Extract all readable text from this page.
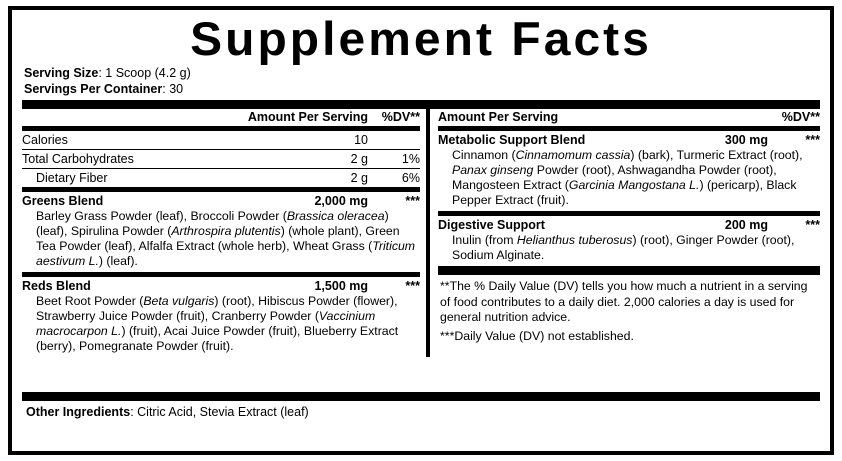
Supplement Facts
Serving Size: 1 Scoop (4.2 g)
Servings Per Container: 30
Amount Per Serving	%DV**
Calories	10
Total Carbohydrates	2 g	1%
Dietary Fiber	2 g	6%
Greens Blend	2,000 mg	***
Barley Grass Powder (leaf), Broccoli Powder (Brassica oleracea) (leaf), Spirulina Powder (Arthrospira plutentis) (whole plant), Green Tea Powder (leaf), Alfalfa Extract (whole herb), Wheat Grass (Triticum aestivum L.) (leaf).
Reds Blend	1,500 mg	***
Beet Root Powder (Beta vulgaris) (root), Hibiscus Powder (flower), Strawberry Juice Powder (fruit), Cranberry Powder (Vaccinium macrocarpon L.) (fruit), Acai Juice Powder (fruit), Blueberry Extract (berry), Pomegranate Powder (fruit).
Amount Per Serving	%DV**
Metabolic Support Blend	300 mg	***
Cinnamon (Cinnamomum cassia) (bark), Turmeric Extract (root), Panax ginseng Powder (root), Ashwagandha Powder (root), Mangosteen Extract (Garcinia Mangostana L.) (pericarp), Black Pepper Extract (fruit).
Digestive Support	200 mg	***
Inulin (from Helianthus tuberosus) (root), Ginger Powder (root), Sodium Alginate.
**The % Daily Value (DV) tells you how much a nutrient in a serving of food contributes to a daily diet. 2,000 calories a day is used for general nutrition advice.
***Daily Value (DV) not established.
Other Ingredients: Citric Acid, Stevia Extract (leaf)
